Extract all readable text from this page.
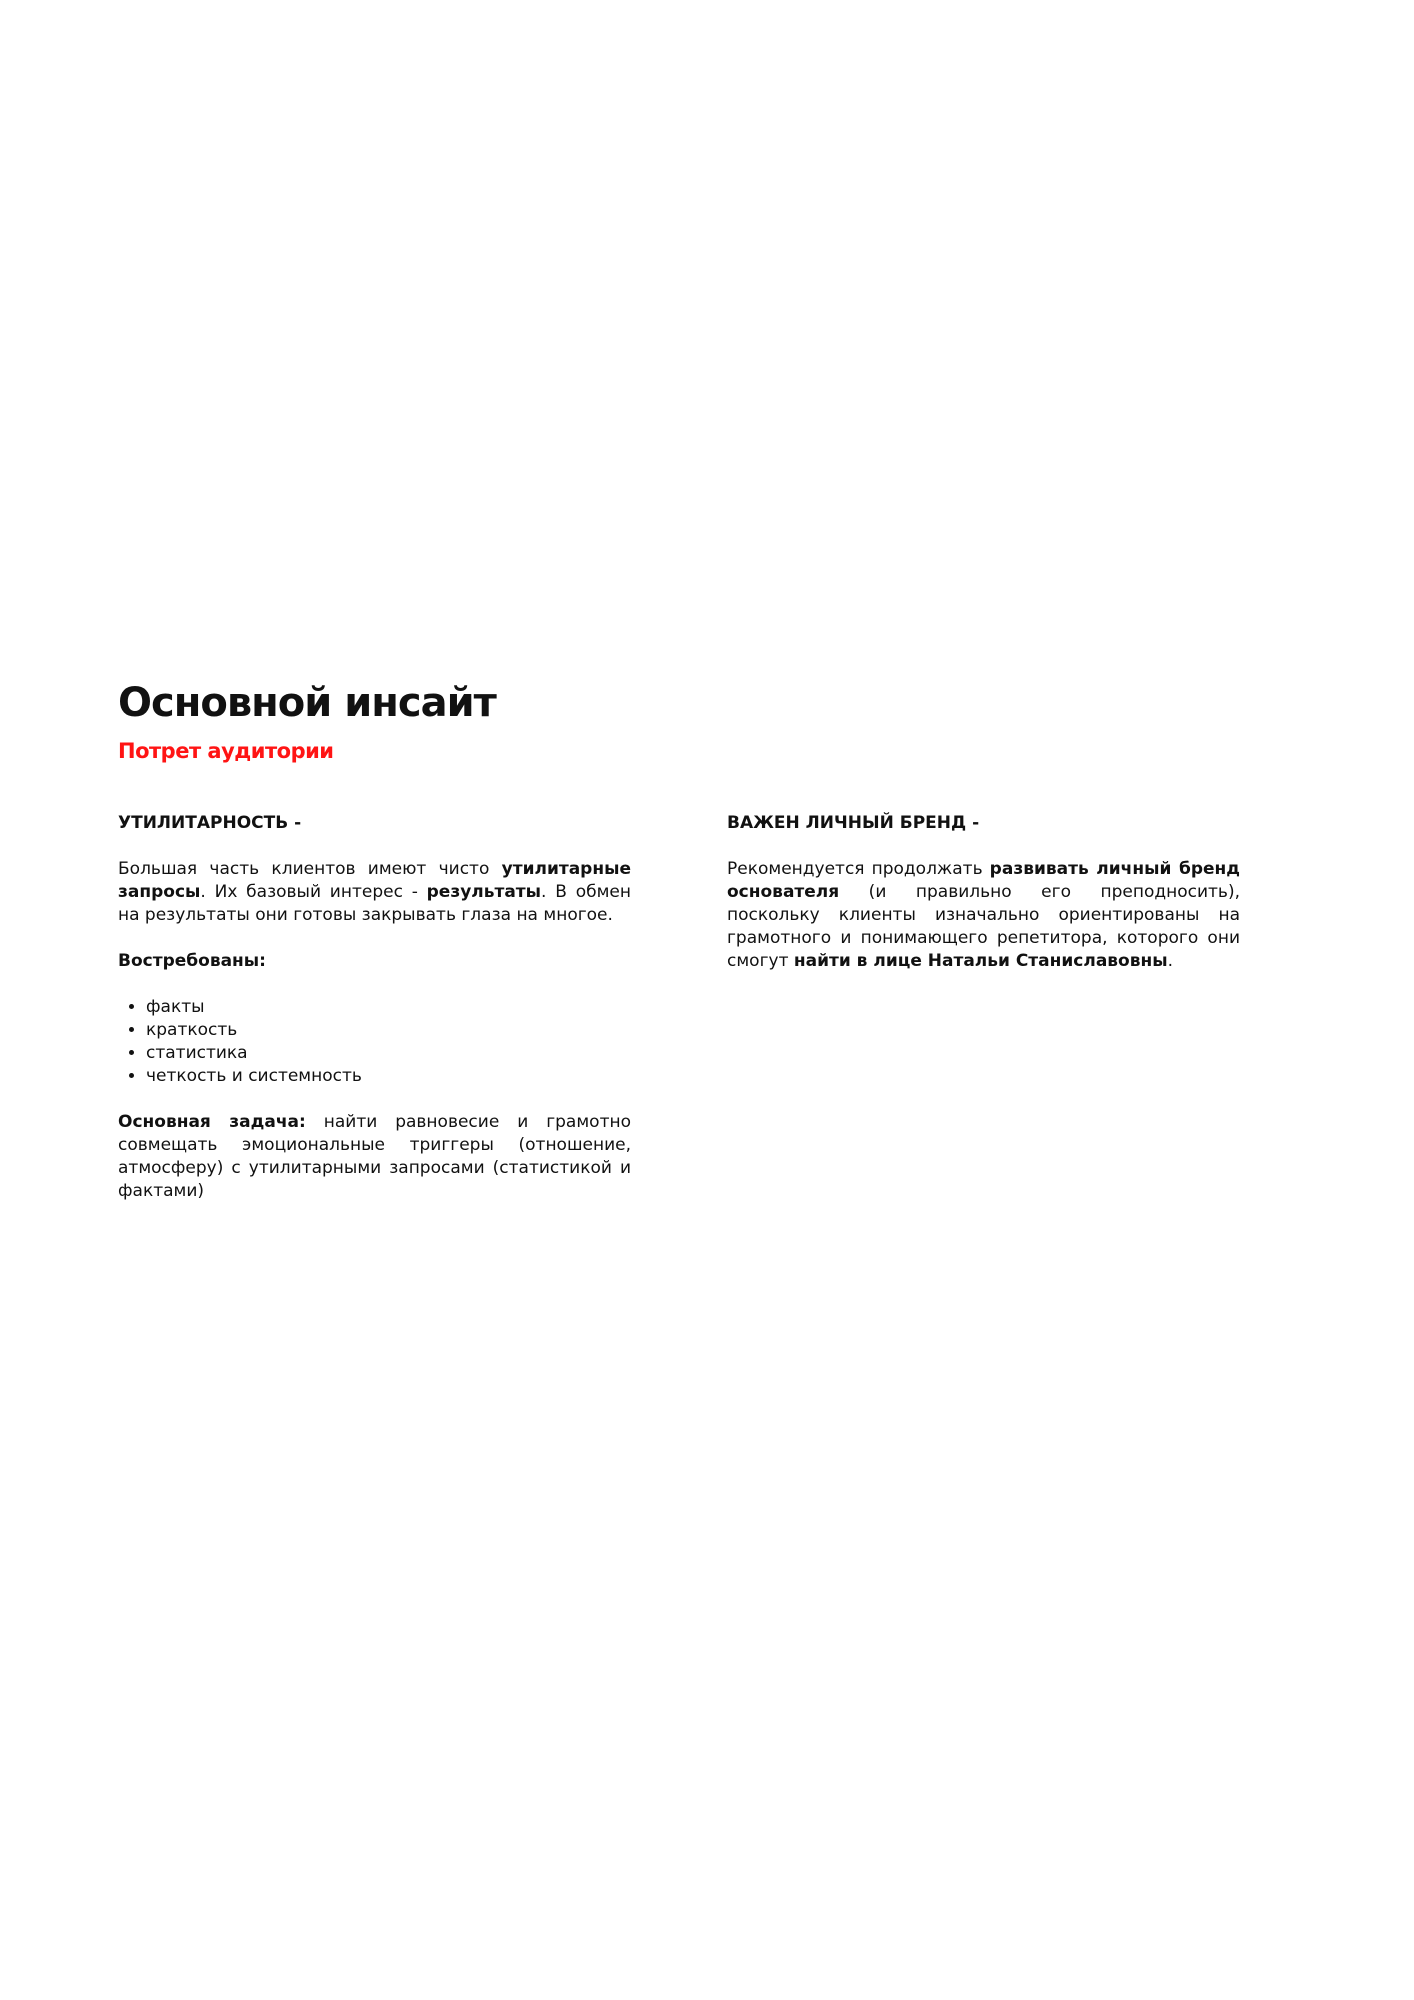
Основной инсайт
Потрет аудитории
УТИЛИТАРНОСТЬ -

Большая часть клиентов имеют чисто утилитарные запросы. Их базовый интерес - результаты. В обмен на результаты они готовы закрывать глаза на многое.

Востребованы:

• факты
• краткость
• статистика
• четкость и системность

Основная задача: найти равновесие и грамотно совмещать эмоциональные триггеры (отношение, атмосферу) с утилитарными запросами (статистикой и фактами)

ВАЖЕН ЛИЧНЫЙ БРЕНД -

Рекомендуется продолжать развивать личный бренд основателя (и правильно его преподносить), поскольку клиенты изначально ориентированы на грамотного и понимающего репетитора, которого они смогут найти в лице Натальи Станиславовны.
